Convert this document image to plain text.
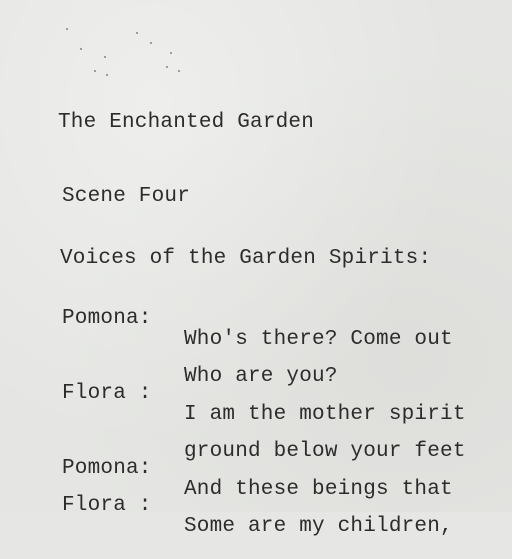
The Enchanted Garden
Scene Four
Voices of the Garden Spirits:

Pomona:

Who's there? Come out

Who are you?

Flora :

I am the mother spirit

ground below your feet

Pomona:

And these beings that

Flora :

Some are my children,
